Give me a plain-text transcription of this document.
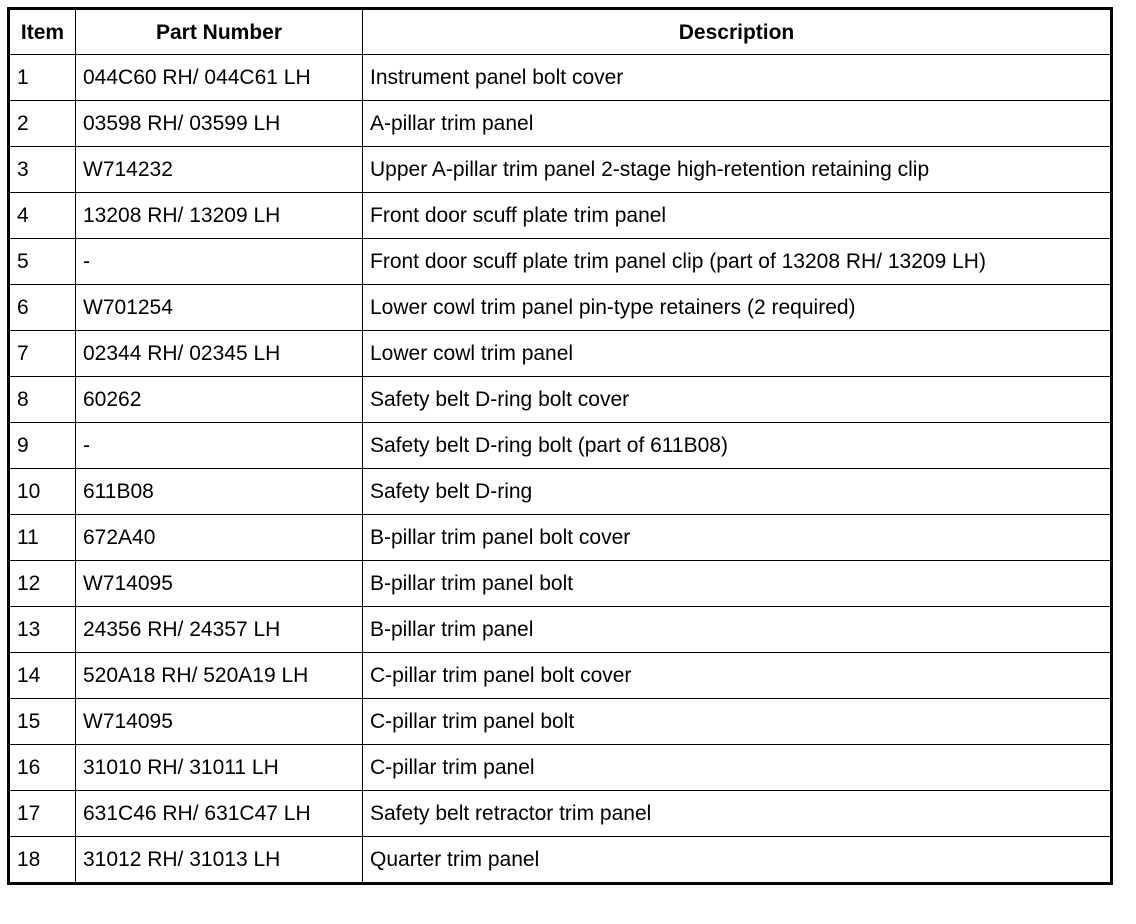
Item	Part Number	Description
1	044C60 RH/ 044C61 LH	Instrument panel bolt cover
2	03598 RH/ 03599 LH	A-pillar trim panel
3	W714232	Upper A-pillar trim panel 2-stage high-retention retaining clip
4	13208 RH/ 13209 LH	Front door scuff plate trim panel
5	-	Front door scuff plate trim panel clip (part of 13208 RH/ 13209 LH)
6	W701254	Lower cowl trim panel pin-type retainers (2 required)
7	02344 RH/ 02345 LH	Lower cowl trim panel
8	60262	Safety belt D-ring bolt cover
9	-	Safety belt D-ring bolt (part of 611B08)
10	611B08	Safety belt D-ring
11	672A40	B-pillar trim panel bolt cover
12	W714095	B-pillar trim panel bolt
13	24356 RH/ 24357 LH	B-pillar trim panel
14	520A18 RH/ 520A19 LH	C-pillar trim panel bolt cover
15	W714095	C-pillar trim panel bolt
16	31010 RH/ 31011 LH	C-pillar trim panel
17	631C46 RH/ 631C47 LH	Safety belt retractor trim panel
18	31012 RH/ 31013 LH	Quarter trim panel
